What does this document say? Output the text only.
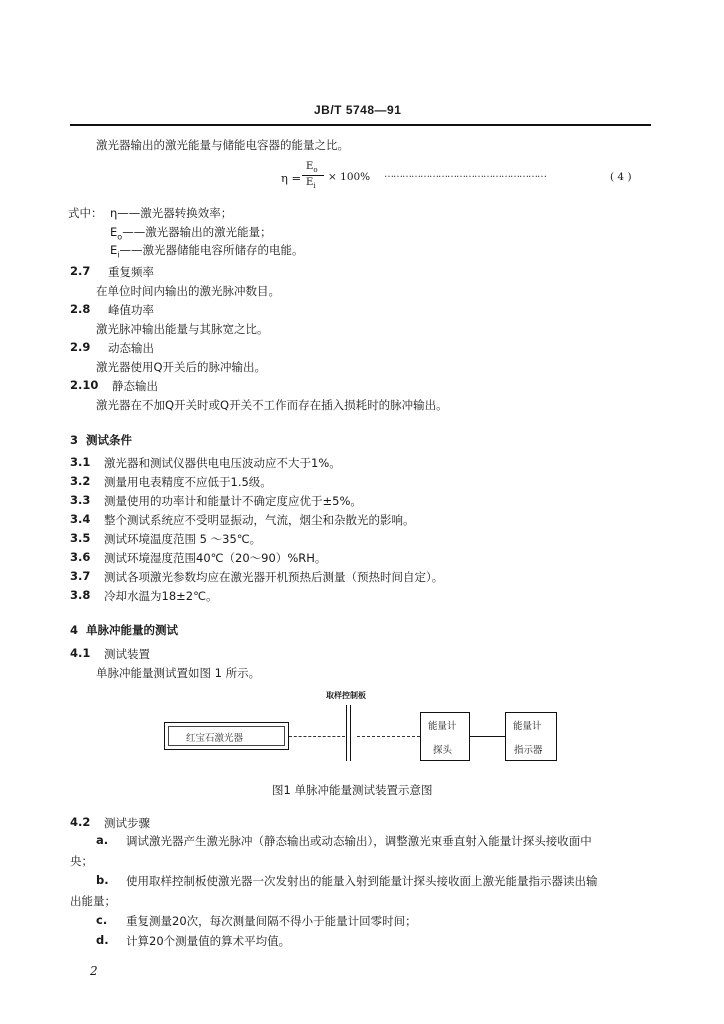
JB/T 5748—91
激光器输出的激光能量与储能电容器的能量之比。
η =
$E_o$
$E_i$
× 100% ………………………………………………	( 4 )
式中： η——激光器转换效率；
$E_o——$激光器输出的激光能量；
$E_i——$激光器储能电容所储存的电能。
2.7 重复频率
在单位时间内输出的激光脉冲数目。
2.8 峰值功率
激光脉冲输出能量与其脉宽之比。
2.9 动态输出
激光器使用Q开关后的脉冲输出。
2.10 静态输出
激光器在不加Q开关时或Q开关不工作而存在插入损耗时的脉冲输出。
3 测试条件
3.1 激光器和测试仪器供电电压波动应不大于1%。
3.2 测量用电表精度不应低于1.5级。
3.3 测量使用的功率计和能量计不确定度应优于±5%。
3.4 整个测试系统应不受明显振动，气流，烟尘和杂散光的影响。
3.5 测试环境温度范围 5 ～35℃。
3.6 测试环境湿度范围40℃（20～90）%RH。
3.7 测试各项激光参数均应在激光器开机预热后测量（预热时间自定）。
3.8 冷却水温为18±2℃。
4 单脉冲能量的测试
4.1 测试装置
单脉冲能量测试置如图 1 所示。
取样控制板
红宝石激光器
能量计
探头
能量计
指示器
图1 单脉冲能量测试装置示意图
4.2 测试步骤
a. 调试激光器产生激光脉冲（静态输出或动态输出），调整激光束垂直射入能量计探头接收面中
央；
b. 使用取样控制板使激光器一次发射出的能量入射到能量计探头接收面上激光能量指示器读出输
出能量；
c. 重复测量20次，每次测量间隔不得小于能量计回零时间；
d. 计算20个测量值的算术平均值。
2
